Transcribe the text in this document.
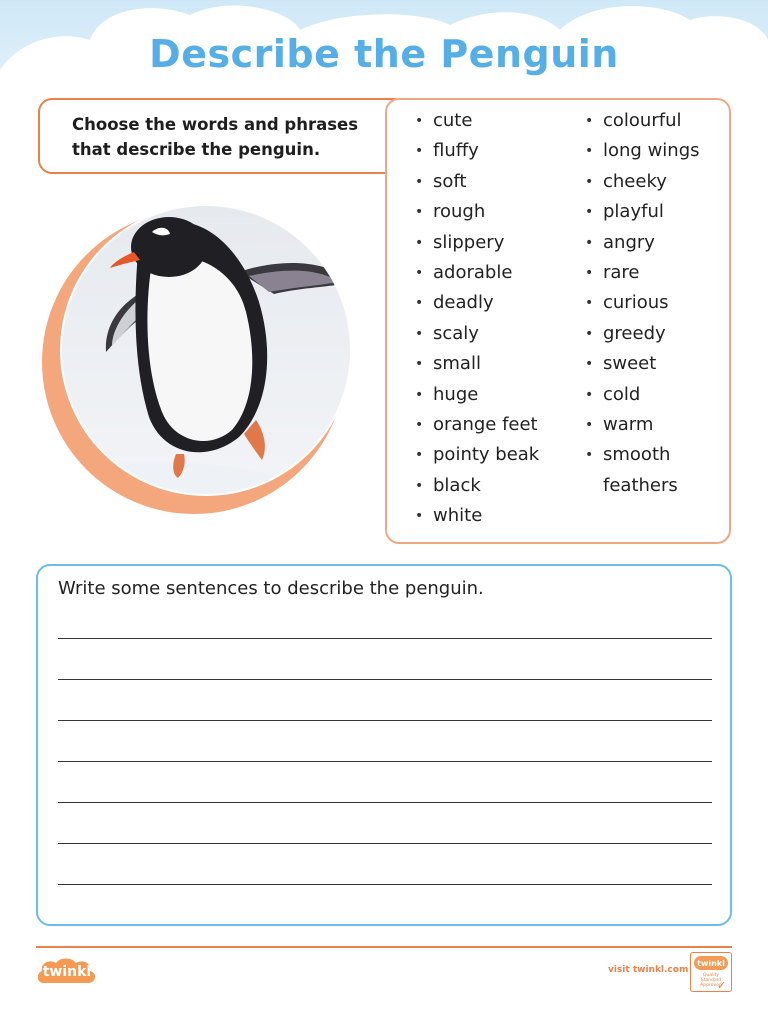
Describe the Penguin
Choose the words and phrases that describe the penguin.
• cute
• fluffy
• soft
• rough
• slippery
• adorable
• deadly
• scaly
• small
• huge
• orange feet
• pointy beak
• black
• white
• colourful
• long wings
• cheeky
• playful
• angry
• rare
• curious
• greedy
• sweet
• cold
• warm
• smooth
feathers
Write some sentences to describe the penguin.
twinkl	visit twinkl.com
twinkl
Quality Standard Approved
✓
